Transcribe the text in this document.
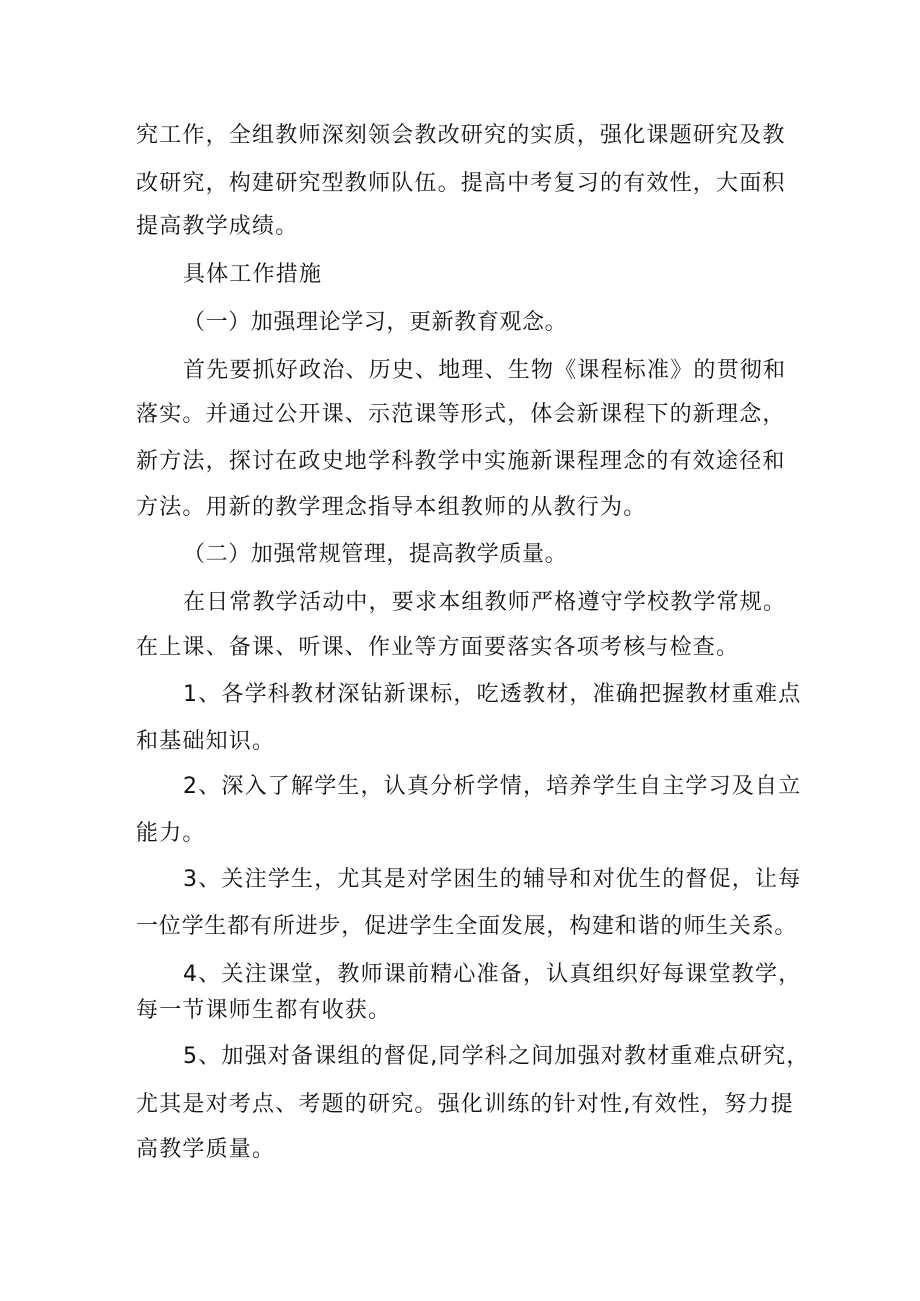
究工作，全组教师深刻领会教改研究的实质，强化课题研究及教
改研究，构建研究型教师队伍。提高中考复习的有效性，大面积
提高教学成绩。
具体工作措施
（一）加强理论学习，更新教育观念。
首先要抓好政治、历史、地理、生物《课程标准》的贯彻和
落实。并通过公开课、示范课等形式，体会新课程下的新理念，
新方法，探讨在政史地学科教学中实施新课程理念的有效途径和
方法。用新的教学理念指导本组教师的从教行为。
（二）加强常规管理，提高教学质量。
在日常教学活动中，要求本组教师严格遵守学校教学常规。
在上课、备课、听课、作业等方面要落实各项考核与检查。
1、各学科教材深钻新课标，吃透教材，准确把握教材重难点
和基础知识。
2、深入了解学生，认真分析学情，培养学生自主学习及自立
能力。
3、关注学生，尤其是对学困生的辅导和对优生的督促，让每
一位学生都有所进步，促进学生全面发展，构建和谐的师生关系。
4、关注课堂，教师课前精心准备，认真组织好每课堂教学，
每一节课师生都有收获。
5、加强对备课组的督促,同学科之间加强对教材重难点研究，
尤其是对考点、考题的研究。强化训练的针对性,有效性，努力提
高教学质量。
